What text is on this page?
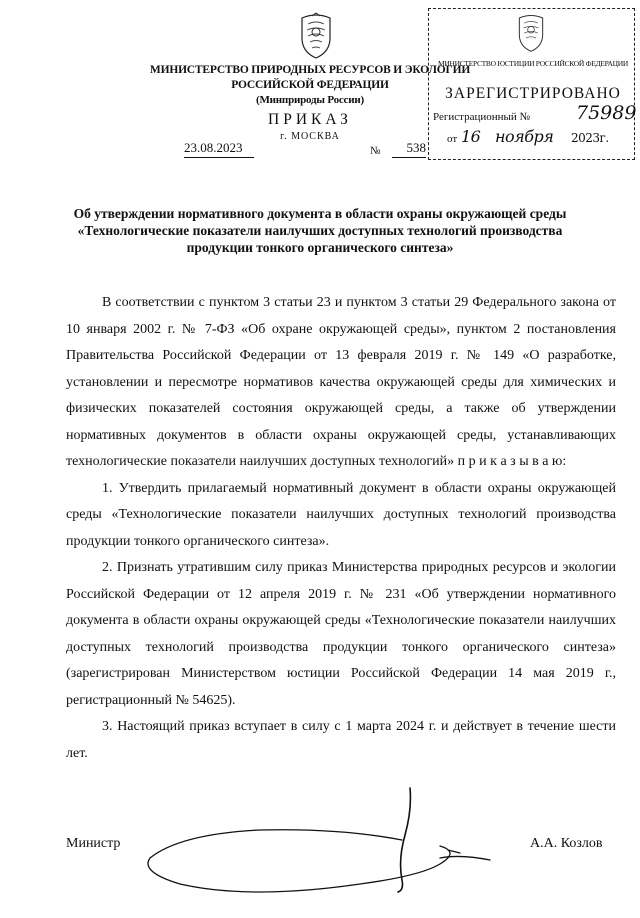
МИНИСТЕРСТВО ПРИРОДНЫХ РЕСУРСОВ И ЭКОЛОГИИ
РОССИЙСКОЙ ФЕДЕРАЦИИ
(Минприроды России)
ПРИКАЗ
г. МОСКВА
23.08.2023	№	538
МИНИСТЕРСТВО ЮСТИЦИИ РОССИЙСКОЙ ФЕДЕРАЦИИ
ЗАРЕГИСТРИРОВАНО
Регистрационный № 75989
от 16 ноября 2023г.
Об утверждении нормативного документа в области охраны окружающей среды
«Технологические показатели наилучших доступных технологий производства
продукции тонкого органического синтеза»

В соответствии с пунктом 3 статьи 23 и пунктом 3 статьи 29 Федерального закона от 10 января 2002 г. № 7-ФЗ «Об охране окружающей среды», пунктом 2 постановления Правительства Российской Федерации от 13 февраля 2019 г. № 149 «О разработке, установлении и пересмотре нормативов качества окружающей среды для химических и физических показателей состояния окружающей среды, а также об утверждении нормативных документов в области охраны окружающей среды, устанавливающих технологические показатели наилучших доступных технологий» п р и к а з ы в а ю:

1. Утвердить прилагаемый нормативный документ в области охраны окружающей среды «Технологические показатели наилучших доступных технологий производства продукции тонкого органического синтеза».

2. Признать утратившим силу приказ Министерства природных ресурсов и экологии Российской Федерации от 12 апреля 2019 г. № 231 «Об утверждении нормативного документа в области охраны окружающей среды «Технологические показатели наилучших доступных технологий производства продукции тонкого органического синтеза» (зарегистрирован Министерством юстиции Российской Федерации 14 мая 2019 г., регистрационный № 54625).

3. Настоящий приказ вступает в силу с 1 марта 2024 г. и действует в течение шести лет.

Министр	А.А. Козлов
